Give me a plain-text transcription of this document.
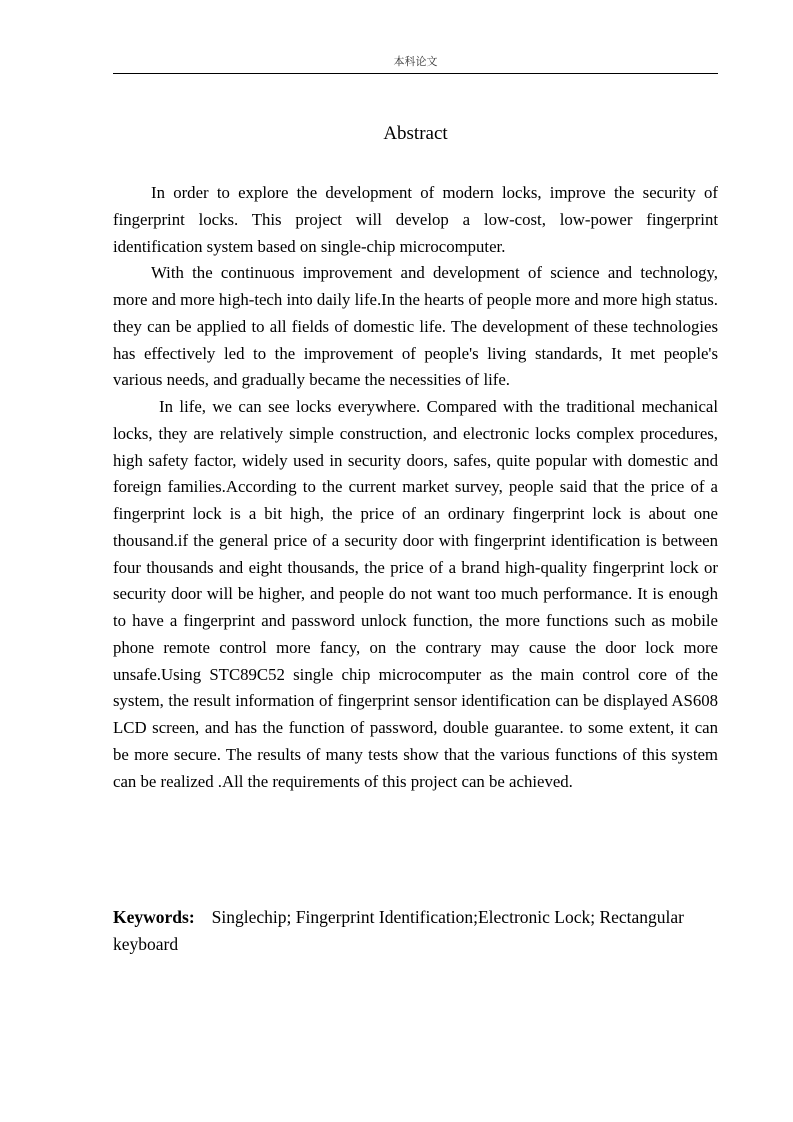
本科论文
Abstract

In order to explore the development of modern locks, improve the security of fingerprint locks. This project will develop a low-cost, low-power fingerprint identification system based on single-chip microcomputer.

With the continuous improvement and development of science and technology, more and more high-tech into daily life.In the hearts of people more and more high status. they can be applied to all fields of domestic life. The development of these technologies has effectively led to the improvement of people's living standards, It met people's various needs, and gradually became the necessities of life.

In life, we can see locks everywhere. Compared with the traditional mechanical locks, they are relatively simple construction, and electronic locks complex procedures, high safety factor, widely used in security doors, safes, quite popular with domestic and foreign families.According to the current market survey, people said that the price of a fingerprint lock is a bit high, the price of an ordinary fingerprint lock is about one thousand.if the general price of a security door with fingerprint identification is between four thousands and eight thousands, the price of a brand high-quality fingerprint lock or security door will be higher, and people do not want too much performance. It is enough to have a fingerprint and password unlock function, the more functions such as mobile phone remote control more fancy, on the contrary may cause the door lock more unsafe.Using STC89C52 single chip microcomputer as the main control core of the system, the result information of fingerprint sensor identification can be displayed AS608 LCD screen, and has the function of password, double guarantee. to some extent, it can be more secure. The results of many tests show that the various functions of this system can be realized .All the requirements of this project can be achieved.

Keywords: Singlechip; Fingerprint Identification;Electronic Lock; Rectangular keyboard
